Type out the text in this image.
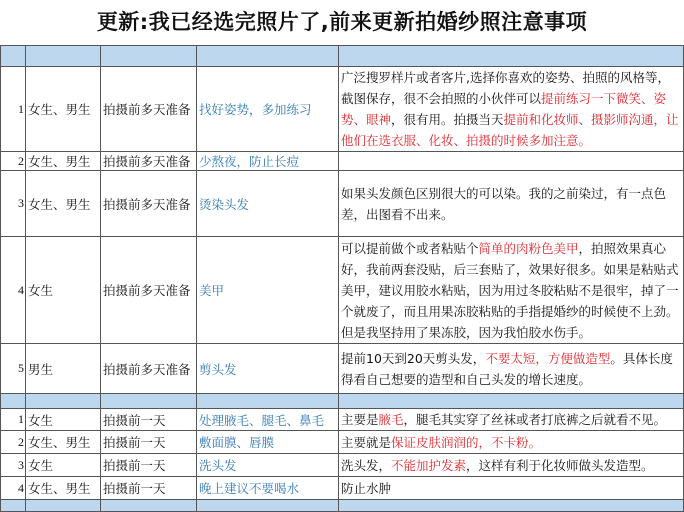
更新:我已经选完照片了,前来更新拍婚纱照注意事项

1	女生、男生	拍摄前多天准备	找好姿势，多加练习	广泛搜罗样片或者客片,选择你喜欢的姿势、拍照的风格等，截图保存，很不会拍照的小伙伴可以提前练习一下微笑、姿势、眼神，很有用。拍摄当天提前和化妆师、摄影师沟通，让他们在选衣服、化妆、拍摄的时候多加注意。
2	女生、男生	拍摄前多天准备	少熬夜，防止长痘	
3	女生、男生	拍摄前多天准备	烫染头发	如果头发颜色区别很大的可以染。我的之前染过，有一点色差，出图看不出来。
4	女生	拍摄前多天准备	美甲	可以提前做个或者粘贴个简单的肉粉色美甲，拍照效果真心好，我前两套没贴，后三套贴了，效果好很多。如果是粘贴式美甲，建议用胶水粘贴，因为用过冬胶粘贴不是很牢，掉了一个就废了，而且用果冻胶粘贴的手指提婚纱的时候使不上劲。但是我坚持用了果冻胶，因为我怕胶水伤手。
5	男生	拍摄前多天准备	剪头发	提前10天到20天剪头发，不要太短，方便做造型。具体长度得看自己想要的造型和自己头发的增长速度。

1	女生	拍摄前一天	处理腋毛、腿毛、鼻毛	主要是腋毛，腿毛其实穿了丝袜或者打底裤之后就看不见。
2	女生、男生	拍摄前一天	敷面膜、唇膜	主要就是保证皮肤润润的，不卡粉。
3	女生	拍摄前一天	洗头发	洗头发，不能加护发素，这样有利于化妆师做头发造型。
4	女生、男生	拍摄前一天	晚上建议不要喝水	防止水肿
